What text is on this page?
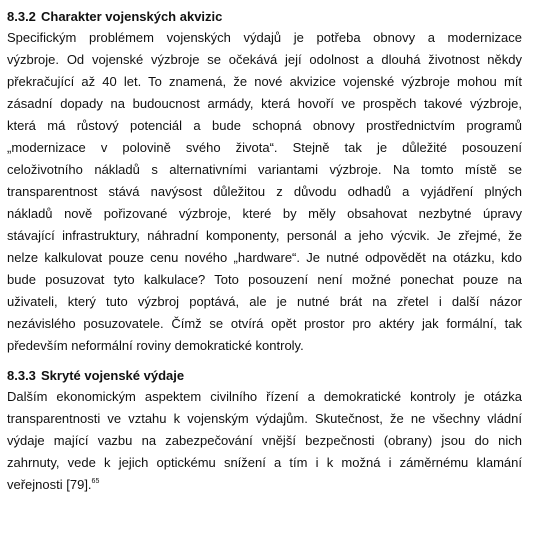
8.3.2 Charakter vojenských akvizic
Specifickým problémem vojenských výdajů je potřeba obnovy a modernizace
výzbroje. Od vojenské výzbroje se očekává její odolnost a dlouhá životnost někdy
překračující až 40 let. To znamená, že nové akvizice vojenské výzbroje mohou mít
zásadní dopady na budoucnost armády, která hovoří ve prospěch takové výzbroje,
která má růstový potenciál a bude schopná obnovy prostřednictvím programů
„modernizace v polovině svého života“. Stejně tak je důležité posouzení
celoživotního nákladů s alternativními variantami výzbroje. Na tomto místě se
transparentnost stává navýsost důležitou z důvodu odhadů a vyjádření plných
nákladů nově pořizované výzbroje, které by měly obsahovat nezbytné úpravy
stávající infrastruktury, náhradní komponenty, personál a jeho výcvik. Je zřejmé, že
nelze kalkulovat pouze cenu nového „hardware“. Je nutné odpovědět na otázku, kdo
bude posuzovat tyto kalkulace? Toto posouzení není možné ponechat pouze na
uživateli, který tuto výzbroj poptává, ale je nutné brát na zřetel i další názor
nezávislého posuzovatele. Čímž se otvírá opět prostor pro aktéry jak formální, tak
především neformální roviny demokratické kontroly.
8.3.3 Skryté vojenské výdaje
Dalším ekonomickým aspektem civilního řízení a demokratické kontroly je otázka
transparentnosti ve vztahu k vojenským výdajům. Skutečnost, že ne všechny vládní
výdaje mající vazbu na zabezpečování vnější bezpečnosti (obrany) jsou do nich
zahrnuty, vede k jejich optickému snížení a tím i k možná i záměrnému klamání
veřejnosti [79].$^{65}$
